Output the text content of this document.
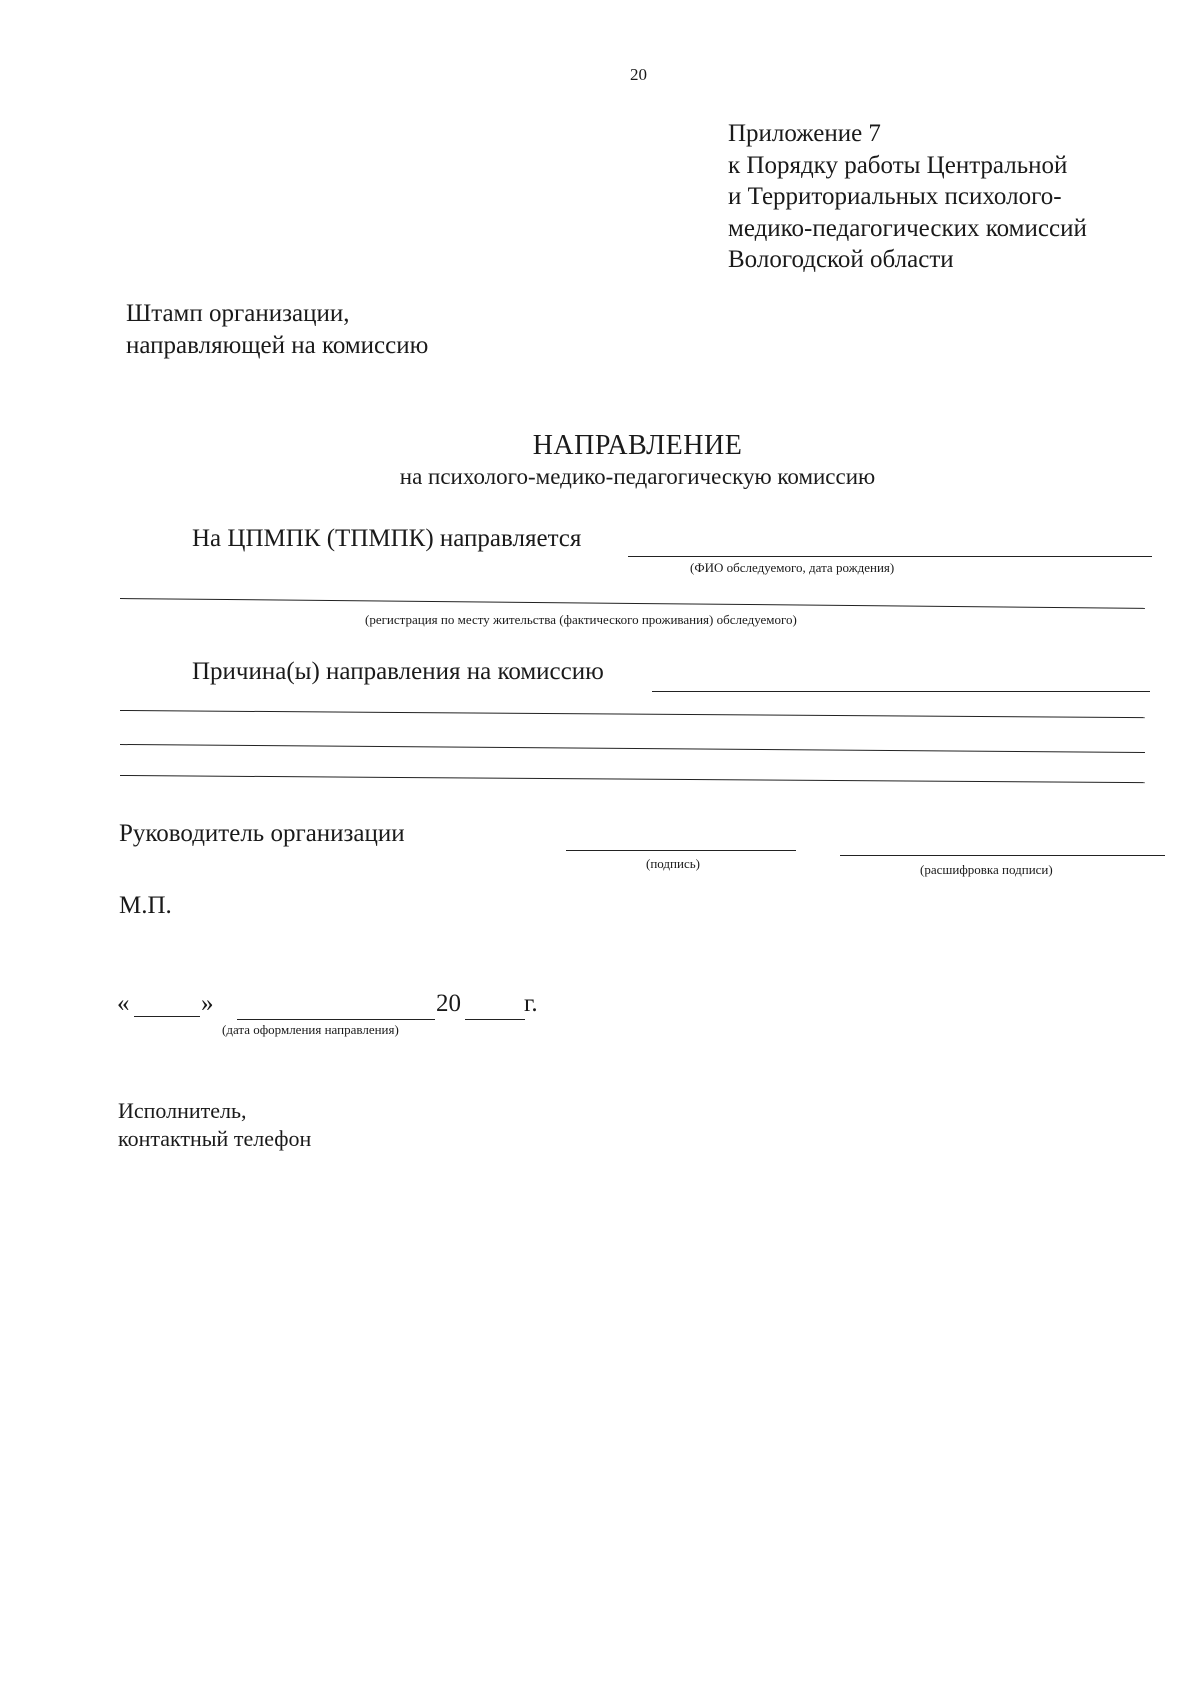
20
Приложение 7
к Порядку работы Центральной
и Территориальных психолого-
медико-педагогических комиссий
Вологодской области
Штамп организации,
направляющей на комиссию
НАПРАВЛЕНИЕ
на психолого-медико-педагогическую комиссию
На ЦПМПК (ТПМПК) направляется
(ФИО обследуемого, дата рождения)
(регистрация по месту жительства (фактического проживания) обследуемого)
Причина(ы) направления на комиссию
Руководитель организации
(подпись)	(расшифровка подписи)
М.П.
«	»	20	г.
(дата оформления направления)
Исполнитель,
контактный телефон
